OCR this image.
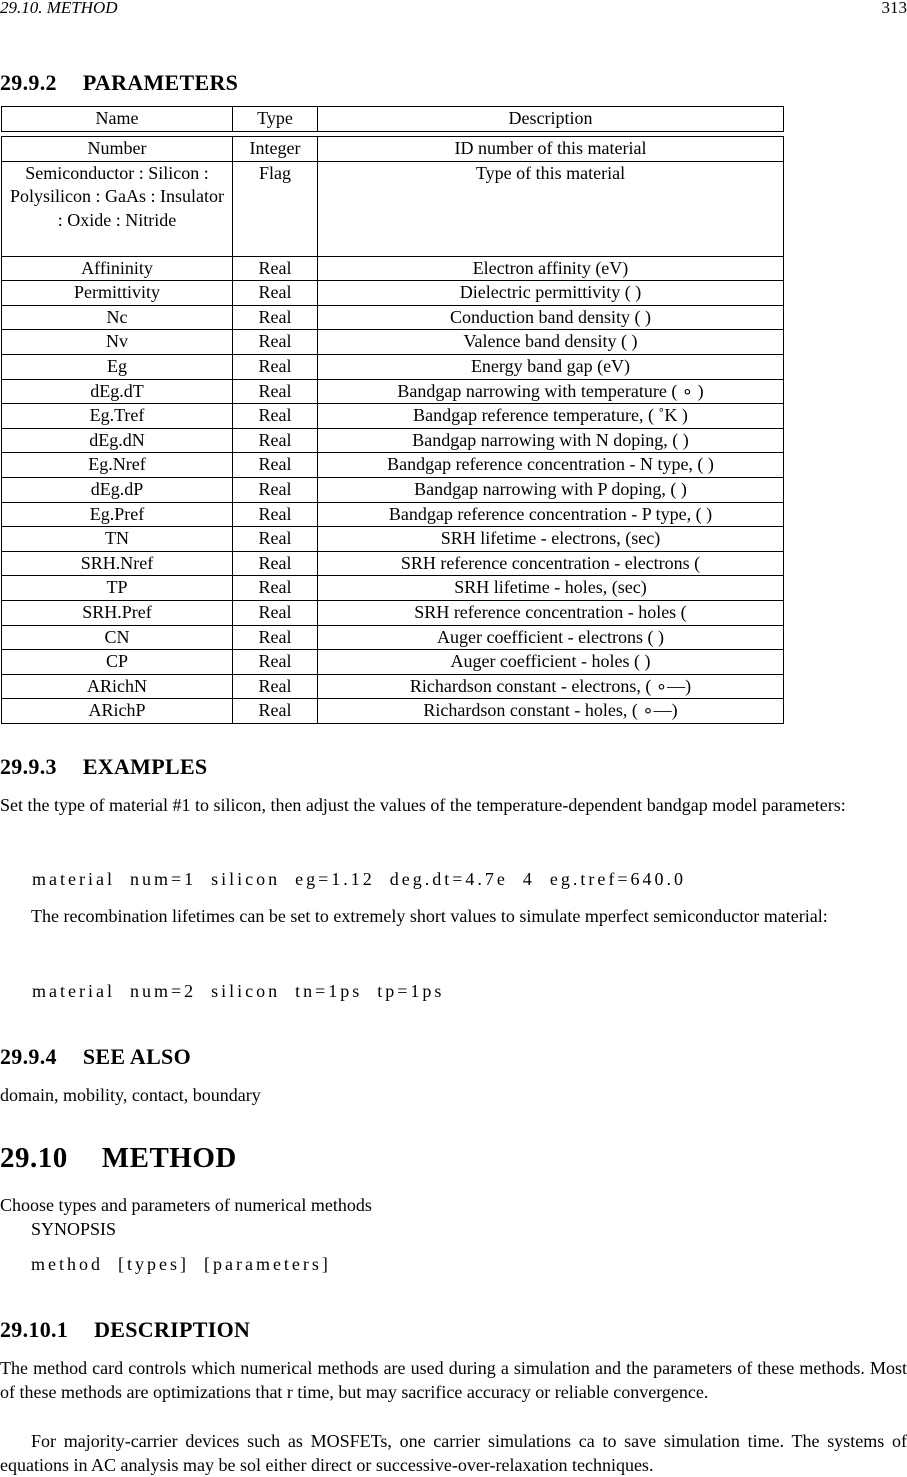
29.10. METHOD	313
29.9.2 PARAMETERS
Name	Type	Description

Number	Integer	ID number of this material
Semiconductor : Silicon : Polysilicon : GaAs : Insulator : Oxide : Nitride	Flag	Type of this material
Affininity	Real	Electron affinity (eV)
Permittivity	Real	Dielectric permittivity ( )
Nc	Real	Conduction band density ( )
Nv	Real	Valence band density ( )
Eg	Real	Energy band gap (eV)
dEg.dT	Real	Bandgap narrowing with temperature ( ∘ )
Eg.Tref	Real	Bandgap reference temperature, ( ˚K )
dEg.dN	Real	Bandgap narrowing with N doping, ( )
Eg.Nref	Real	Bandgap reference concentration - N type, ( )
dEg.dP	Real	Bandgap narrowing with P doping, ( )
Eg.Pref	Real	Bandgap reference concentration - P type, ( )
TN	Real	SRH lifetime - electrons, (sec)
SRH.Nref	Real	SRH reference concentration - electrons (
TP	Real	SRH lifetime - holes, (sec)
SRH.Pref	Real	SRH reference concentration - holes (
CN	Real	Auger coefficient - electrons ( )
CP	Real	Auger coefficient - holes ( )
ARichN	Real	Richardson constant - electrons, ( ∘—)
ARichP	Real	Richardson constant - holes, ( ∘—)
29.9.3 EXAMPLES
Set the type of material #1 to silicon, then adjust the values of the temperature-dependent bandgap model parameters:
material  num=1  silicon  eg=1.12  deg.dt=4.7e  4  eg.tref=640.0
The recombination lifetimes can be set to extremely short values to simulate mperfect semiconductor material:
material  num=2  silicon  tn=1ps  tp=1ps
29.9.4 SEE ALSO
domain, mobility, contact, boundary
29.10 METHOD
Choose types and parameters of numerical methods
SYNOPSIS
method  [types]  [parameters]
29.10.1 DESCRIPTION
The method card controls which numerical methods are used during a simulation and the parameters of these methods. Most of these methods are optimizations that r time, but may sacrifice accuracy or reliable convergence.
For majority-carrier devices such as MOSFETs, one carrier simulations ca to save simulation time. The systems of equations in AC analysis may be sol either direct or successive-over-relaxation techniques.
